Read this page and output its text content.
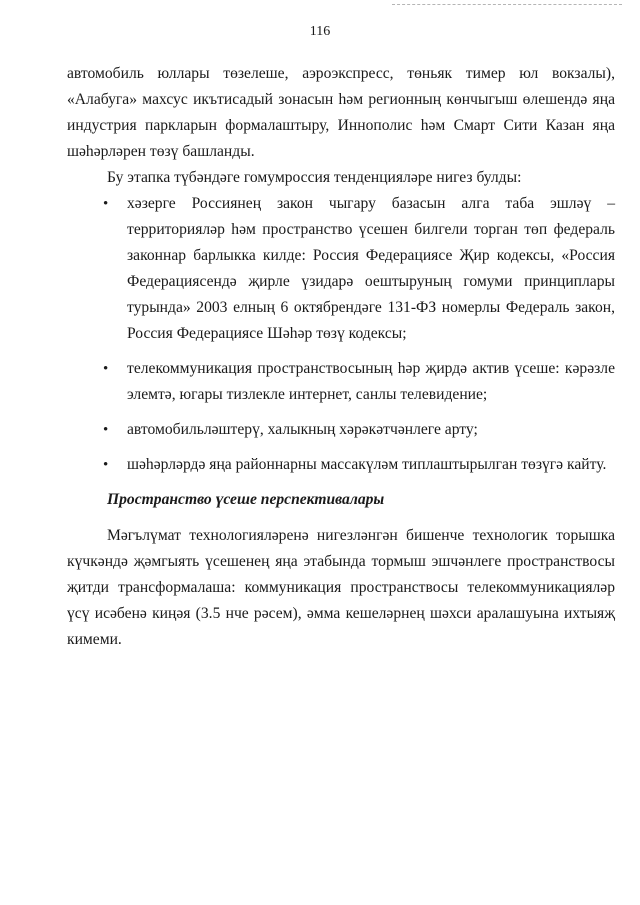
116

автомобиль юллары төзелеше, аэроэкспресс, төньяк тимер юл вокзалы), «Алабуга» махсус икътисадый зонасын һәм регионның көнчыгыш өлешендә яңа индустрия паркларын формалаштыру, Иннополис һәм Смарт Сити Казан яңа шәһәрләрен төзү башланды.

Бу этапка түбәндәге гомумроссия тенденцияләре нигез булды:

• хәзерге Россиянең закон чыгару базасын алга таба эшләү – территорияләр һәм пространство үсешен билгели торган төп федераль законнар барлыкка килде: Россия Федерациясе Җир кодексы, «Россия Федерациясендә җирле үзидарә оештыруның гомуми принциплары турында» 2003 елның 6 октябрендәге 131-ФЗ номерлы Федераль закон, Россия Федерациясе Шәһәр төзү кодексы;
• телекоммуникация пространствосының һәр җирдә актив үсеше: кәрәзле элемтә, югары тизлекле интернет, санлы телевидение;
• автомобильләштерү, халыкның хәрәкәтчәнлеге арту;
• шәһәрләрдә яңа районнарны массакүләм типлаштырылган төзүгә кайту.

Пространство үсеше перспективалары

Мәгълүмат технологияләренә нигезләнгән бишенче технологик торышка күчкәндә җәмгыять үсешенең яңа этабында тормыш эшчәнлеге пространствосы җитди трансформалаша: коммуникация пространствосы телекоммуникацияләр үсү исәбенә киңәя (3.5 нче рәсем), әмма кешеләрнең шәхси аралашуына ихтыяҗ кимеми.
